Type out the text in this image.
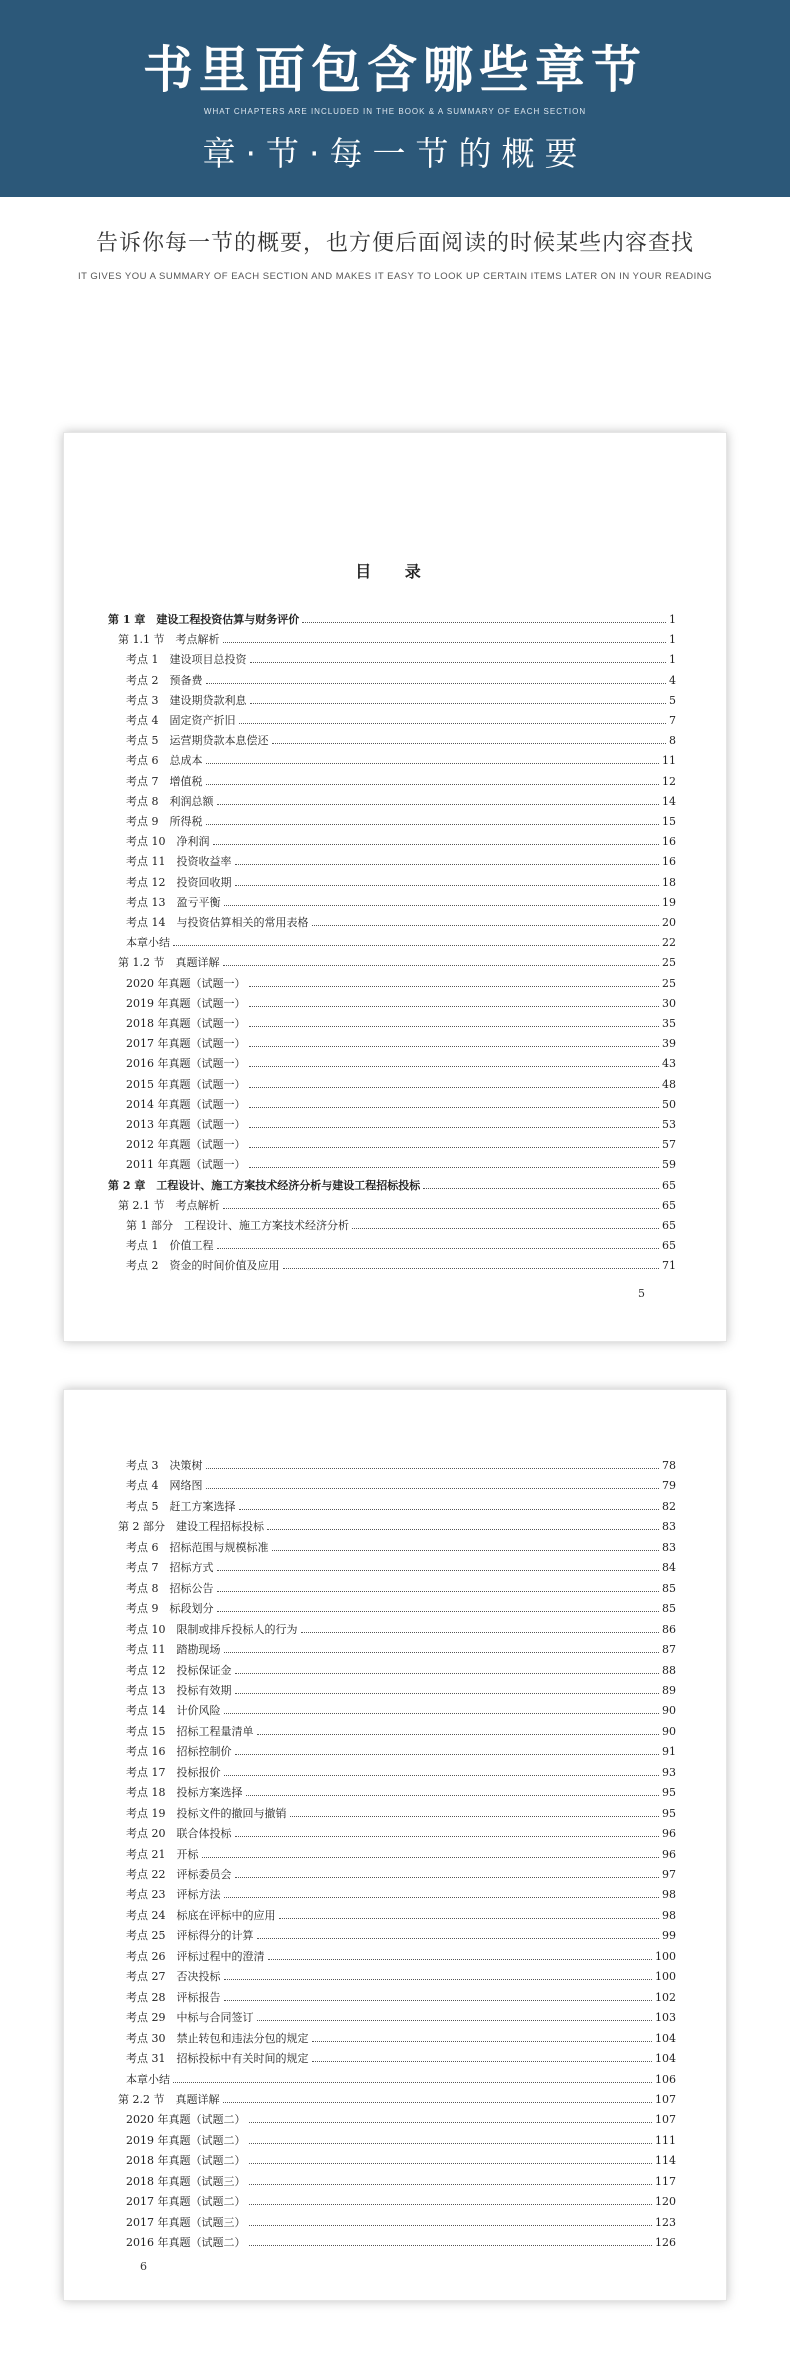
书里面包含哪些章节
WHAT CHAPTERS ARE INCLUDED IN THE BOOK & A SUMMARY OF EACH SECTION
章·节·每一节的概要
告诉你每一节的概要，也方便后面阅读的时候某些内容查找
IT GIVES YOU A SUMMARY OF EACH SECTION AND MAKES IT EASY TO LOOK UP CERTAIN ITEMS LATER ON IN YOUR READING
目 录
第 1 章　建设工程投资估算与财务评价	1
第 1.1 节　考点解析	1
考点 1　建设项目总投资	1
考点 2　预备费	4
考点 3　建设期贷款利息	5
考点 4　固定资产折旧	7
考点 5　运营期贷款本息偿还	8
考点 6　总成本	11
考点 7　增值税	12
考点 8　利润总额	14
考点 9　所得税	15
考点 10　净利润	16
考点 11　投资收益率	16
考点 12　投资回收期	18
考点 13　盈亏平衡	19
考点 14　与投资估算相关的常用表格	20
本章小结	22
第 1.2 节　真题详解	25
2020 年真题（试题一）	25
2019 年真题（试题一）	30
2018 年真题（试题一）	35
2017 年真题（试题一）	39
2016 年真题（试题一）	43
2015 年真题（试题一）	48
2014 年真题（试题一）	50
2013 年真题（试题一）	53
2012 年真题（试题一）	57
2011 年真题（试题一）	59
第 2 章　工程设计、施工方案技术经济分析与建设工程招标投标	65
第 2.1 节　考点解析	65
第 1 部分　工程设计、施工方案技术经济分析	65
考点 1　价值工程	65
考点 2　资金的时间价值及应用	71
5
考点 3　决策树	78
考点 4　网络图	79
考点 5　赶工方案选择	82
第 2 部分　建设工程招标投标	83
考点 6　招标范围与规模标准	83
考点 7　招标方式	84
考点 8　招标公告	85
考点 9　标段划分	85
考点 10　限制或排斥投标人的行为	86
考点 11　踏勘现场	87
考点 12　投标保证金	88
考点 13　投标有效期	89
考点 14　计价风险	90
考点 15　招标工程量清单	90
考点 16　招标控制价	91
考点 17　投标报价	93
考点 18　投标方案选择	95
考点 19　投标文件的撤回与撤销	95
考点 20　联合体投标	96
考点 21　开标	96
考点 22　评标委员会	97
考点 23　评标方法	98
考点 24　标底在评标中的应用	98
考点 25　评标得分的计算	99
考点 26　评标过程中的澄清	100
考点 27　否决投标	100
考点 28　评标报告	102
考点 29　中标与合同签订	103
考点 30　禁止转包和违法分包的规定	104
考点 31　招标投标中有关时间的规定	104
本章小结	106
第 2.2 节　真题详解	107
2020 年真题（试题二）	107
2019 年真题（试题二）	111
2018 年真题（试题二）	114
2018 年真题（试题三）	117
2017 年真题（试题二）	120
2017 年真题（试题三）	123
2016 年真题（试题二）	126
6
